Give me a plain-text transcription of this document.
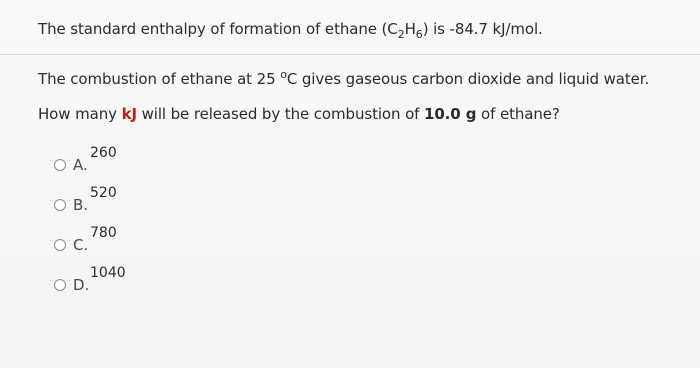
The standard enthalpy of formation of ethane $(C_2H_6)$ is -84.7 kJ/mol.
The combustion of ethane at 25 $^o$C gives gaseous carbon dioxide and liquid water.
How many kJ will be released by the combustion of 10.0 g of ethane?
A.
260
B.
520
C.
780
D.
1040
